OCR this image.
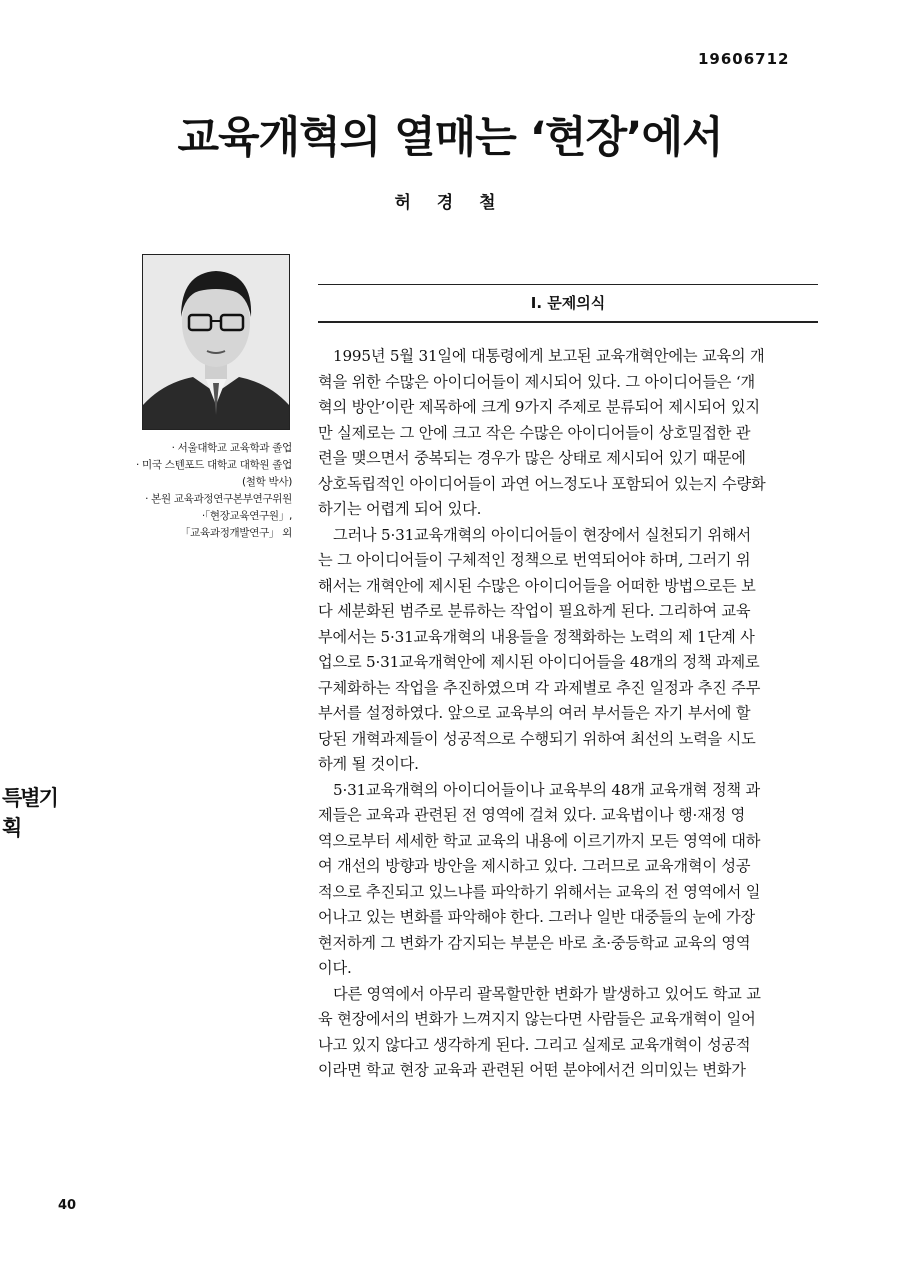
19606712
교육개혁의 열매는 ‘현장’에서
허 경 철
· 서울대학교 교육학과 졸업
· 미국 스텐포드 대학교 대학원 졸업
(철학 박사)
· 본원 교육과정연구본부연구위원
·「현장교육연구원」,
「교육과정개발연구」 외
Ⅰ. 문제의식
　1995년 5월 31일에 대통령에게 보고된 교육개혁안에는 교육의 개
혁을 위한 수많은 아이디어들이 제시되어 있다. 그 아이디어들은 ‘개
혁의 방안’이란 제목하에 크게 9가지 주제로 분류되어 제시되어 있지
만 실제로는 그 안에 크고 작은 수많은 아이디어들이 상호밀접한 관
련을 맺으면서 중복되는 경우가 많은 상태로 제시되어 있기 때문에
상호독립적인 아이디어들이 과연 어느정도나 포함되어 있는지 수량화
하기는 어렵게 되어 있다.
　그러나 5·31교육개혁의 아이디어들이 현장에서 실천되기 위해서
는 그 아이디어들이 구체적인 정책으로 번역되어야 하며, 그러기 위
해서는 개혁안에 제시된 수많은 아이디어들을 어떠한 방법으로든 보
다 세분화된 범주로 분류하는 작업이 필요하게 된다. 그리하여 교육
부에서는 5·31교육개혁의 내용들을 정책화하는 노력의 제 1단계 사
업으로 5·31교육개혁안에 제시된 아이디어들을 48개의 정책 과제로
구체화하는 작업을 추진하였으며 각 과제별로 추진 일정과 추진 주무
부서를 설정하였다. 앞으로 교육부의 여러 부서들은 자기 부서에 할
당된 개혁과제들이 성공적으로 수행되기 위하여 최선의 노력을 시도
하게 될 것이다.
　5·31교육개혁의 아이디어들이나 교육부의 48개 교육개혁 정책 과
제들은 교육과 관련된 전 영역에 걸쳐 있다. 교육법이나 행·재정 영
역으로부터 세세한 학교 교육의 내용에 이르기까지 모든 영역에 대하
여 개선의 방향과 방안을 제시하고 있다. 그러므로 교육개혁이 성공
적으로 추진되고 있느냐를 파악하기 위해서는 교육의 전 영역에서 일
어나고 있는 변화를 파악해야 한다. 그러나 일반 대중들의 눈에 가장
현저하게 그 변화가 감지되는 부분은 바로 초·중등학교 교육의 영역
이다.
　다른 영역에서 아무리 괄목할만한 변화가 발생하고 있어도 학교 교
육 현장에서의 변화가 느껴지지 않는다면 사람들은 교육개혁이 일어
나고 있지 않다고 생각하게 된다. 그리고 실제로 교육개혁이 성공적
이라면 학교 현장 교육과 관련된 어떤 분야에서건 의미있는 변화가
특별기획
40
